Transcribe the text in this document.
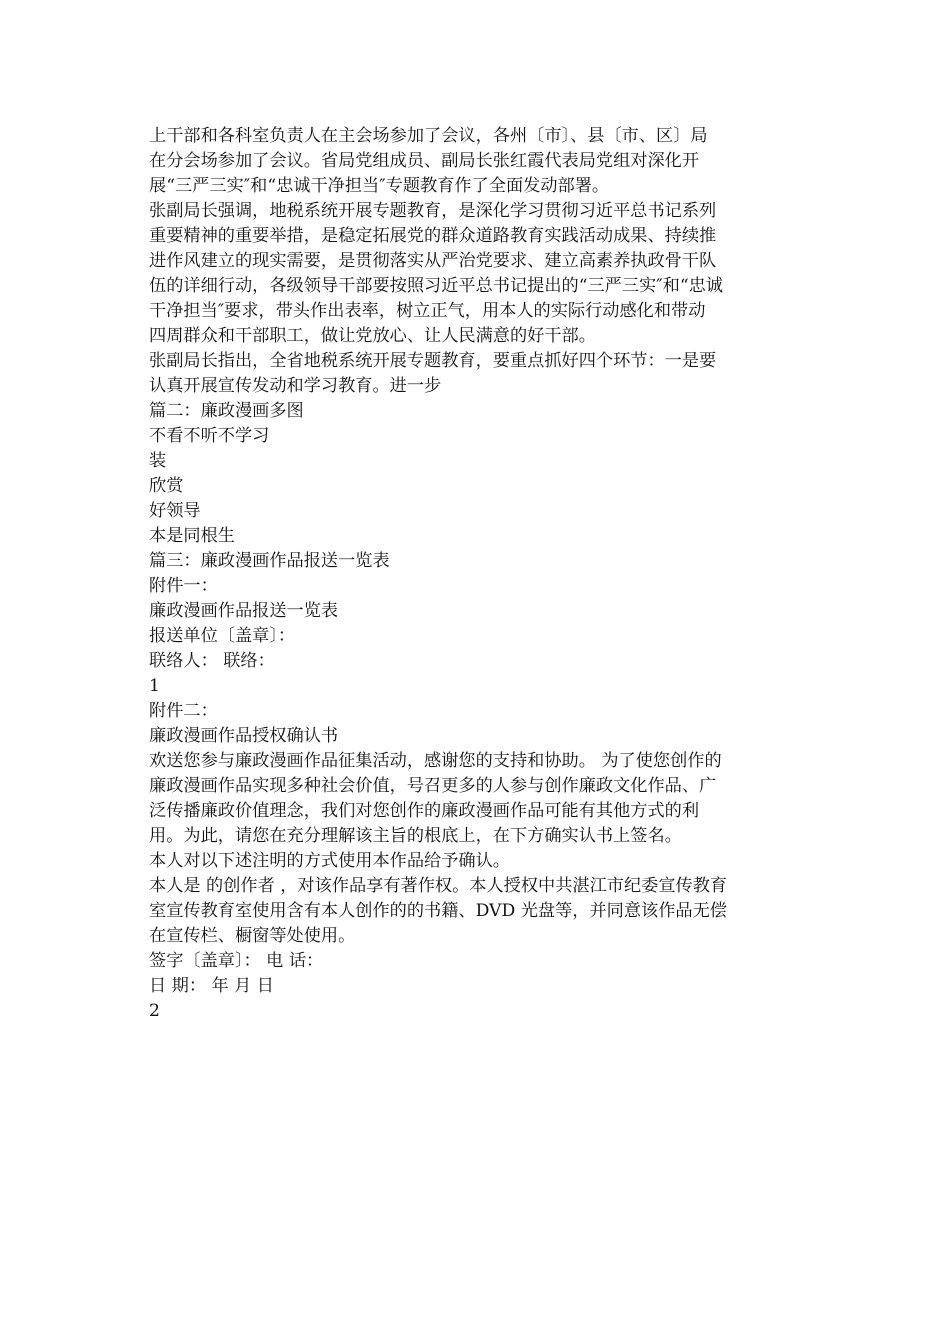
上干部和各科室负责人在主会场参加了会议，各州〔市〕、县〔市、区〕局
在分会场参加了会议。省局党组成员、副局长张红霞代表局党组对深化开
展“三严三实″和“忠诚干净担当″专题教育作了全面发动部署。
张副局长强调，地税系统开展专题教育，是深化学习贯彻习近平总书记系列
重要精神的重要举措，是稳定拓展党的群众道路教育实践活动成果、持续推
进作风建立的现实需要，是贯彻落实从严治党要求、建立高素养执政骨干队
伍的详细行动，各级领导干部要按照习近平总书记提出的“三严三实″和“忠诚
干净担当″要求，带头作出表率，树立正气，用本人的实际行动感化和带动
四周群众和干部职工，做让党放心、让人民满意的好干部。
张副局长指出，全省地税系统开展专题教育，要重点抓好四个环节：一是要
认真开展宣传发动和学习教育。进一步
篇二：廉政漫画多图
不看不听不学习
装
欣赏
好领导
本是同根生
篇三：廉政漫画作品报送一览表
附件一：
廉政漫画作品报送一览表
报送单位〔盖章〕：
联络人： 联络：
1
附件二：
廉政漫画作品授权确认书
欢送您参与廉政漫画作品征集活动，感谢您的支持和协助。 为了使您创作的
廉政漫画作品实现多种社会价值，号召更多的人参与创作廉政文化作品、广
泛传播廉政价值理念，我们对您创作的廉政漫画作品可能有其他方式的利
用。为此，请您在充分理解该主旨的根底上，在下方确实认书上签名。
本人对以下述注明的方式使用本作品给予确认。
本人是 的创作者 ，对该作品享有著作权。本人授权中共湛江市纪委宣传教育
室宣传教育室使用含有本人创作的的书籍、DVD 光盘等，并同意该作品无偿
在宣传栏、橱窗等处使用。
签字〔盖章〕： 电 话：
日 期： 年 月 日
2
